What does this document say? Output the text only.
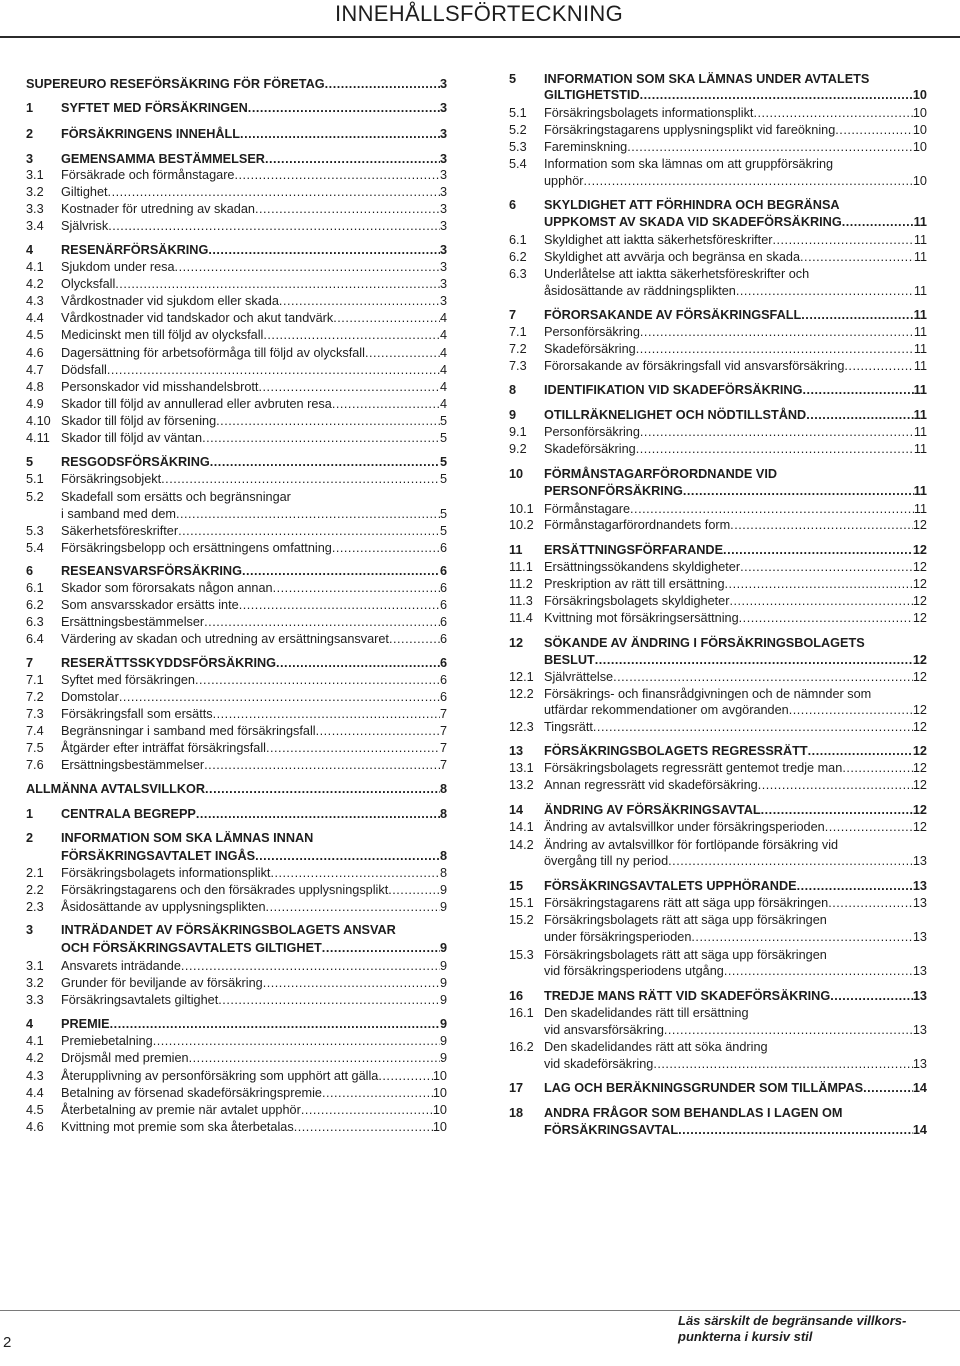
INNEHÅLLSFÖRTECKNING
SUPEREURO RESEFÖRSÄKRING FÖR FÖRETAG .....	3
1 SYFTET MED FÖRSÄKRINGEN .....	3
2 FÖRSÄKRINGENS INNEHÅLL .....	3
3 GEMENSAMMA BESTÄMMELSER .....	3
3.1 Försäkrade och förmånstagare .....	3
3.2 Giltighet .....	3
3.3 Kostnader för utredning av skadan .....	3
3.4 Självrisk .....	3
4 RESENÄRFÖRSÄKRING .....	3
4.1 Sjukdom under resa .....	3
4.2 Olycksfall .....	3
4.3 Vårdkostnader vid sjukdom eller skada .....	3
4.4 Vårdkostnader vid tandskador och akut tandvärk .....	4
4.5 Medicinskt men till följd av olycksfall .....	4
4.6 Dagersättning för arbetsoförmåga till följd av olycksfall .....	4
4.7 Dödsfall .....	4
4.8 Personskador vid misshandelsbrott .....	4
4.9 Skador till följd av annullerad eller avbruten resa .....	4
4.10 Skador till följd av försening .....	5
4.11 Skador till följd av väntan .....	5
5 RESGODSFÖRSÄKRING .....	5
5.1 Försäkringsobjekt .....	5
5.2 Skadefall som ersätts och begränsningar
i samband med dem .....	5
5.3 Säkerhetsföreskrifter .....	5
5.4 Försäkringsbelopp och ersättningens omfattning .....	6
6 RESEANSVARSFÖRSÄKRING .....	6
6.1 Skador som förorsakats någon annan .....	6
6.2 Som ansvarsskador ersätts inte .....	6
6.3 Ersättningsbestämmelser .....	6
6.4 Värdering av skadan och utredning av ersättningsansvaret .....	6
7 RESERÄTTSSKYDDSFÖRSÄKRING .....	6
7.1 Syftet med försäkringen .....	6
7.2 Domstolar .....	6
7.3 Försäkringsfall som ersätts .....	7
7.4 Begränsningar i samband med försäkringsfall .....	7
7.5 Åtgärder efter inträffat försäkringsfall .....	7
7.6 Ersättningsbestämmelser .....	7
ALLMÄNNA AVTALSVILLKOR .....	8
1 CENTRALA BEGREPP .....	8
2 INFORMATION SOM SKA LÄMNAS INNAN
FÖRSÄKRINGSAVTALET INGÅS .....	8
2.1 Försäkringsbolagets informationsplikt .....	8
2.2 Försäkringstagarens och den försäkrades upplysningsplikt .....	9
2.3 Åsidosättande av upplysningsplikten .....	9
3 INTRÄDANDET AV FÖRSÄKRINGSBOLAGETS ANSVAR
OCH FÖRSÄKRINGSAVTALETS GILTIGHET .....	9
3.1 Ansvarets inträdande .....	9
3.2 Grunder för beviljande av försäkring .....	9
3.3 Försäkringsavtalets giltighet .....	9
4 PREMIE .....	9
4.1 Premiebetalning .....	9
4.2 Dröjsmål med premien .....	9
4.3 Återupplivning av personförsäkring som upphört att gälla .....	10
4.4 Betalning av försenad skadeförsäkringspremie .....	10
4.5 Återbetalning av premie när avtalet upphör .....	10
4.6 Kvittning mot premie som ska återbetalas .....	10
5 INFORMATION SOM SKA LÄMNAS UNDER AVTALETS
GILTIGHETSTID .....	10
5.1 Försäkringsbolagets informationsplikt .....	10
5.2 Försäkringstagarens upplysningsplikt vid fareökning .....	10
5.3 Fareminskning .....	10
5.4 Information som ska lämnas om att gruppförsäkring
upphör .....	10
6 SKYLDIGHET ATT FÖRHINDRA OCH BEGRÄNSA
UPPKOMST AV SKADA VID SKADEFÖRSÄKRING .....	11
6.1 Skyldighet att iaktta säkerhetsföreskrifter .....	11
6.2 Skyldighet att avvärja och begränsa en skada .....	11
6.3 Underlåtelse att iaktta säkerhetsföreskrifter och
åsidosättande av räddningsplikten .....	11
7 FÖRORSAKANDE AV FÖRSÄKRINGSFALL .....	11
7.1 Personförsäkring .....	11
7.2 Skadeförsäkring .....	11
7.3 Förorsakande av försäkringsfall vid ansvarsförsäkring .....	11
8 IDENTIFIKATION VID SKADEFÖRSÄKRING .....	11
9 OTILLRÄKNELIGHET OCH NÖDTILLSTÅND .....	11
9.1 Personförsäkring .....	11
9.2 Skadeförsäkring .....	11
10 FÖRMÅNSTAGARFÖRORDNANDE VID
PERSONFÖRSÄKRING .....	11
10.1 Förmånstagare .....	11
10.2 Förmånstagarförordnandets form .....	12
11 ERSÄTTNINGSFÖRFARANDE .....	12
11.1 Ersättningssökandens skyldigheter .....	12
11.2 Preskription av rätt till ersättning .....	12
11.3 Försäkringsbolagets skyldigheter .....	12
11.4 Kvittning mot försäkringsersättning .....	12
12 SÖKANDE AV ÄNDRING I FÖRSÄKRINGSBOLAGETS
BESLUT .....	12
12.1 Självrättelse .....	12
12.2 Försäkrings- och finansrådgivningen och de nämnder som
utfärdar rekommendationer om avgöranden .....	12
12.3 Tingsrätt .....	12
13 FÖRSÄKRINGSBOLAGETS REGRESSRÄTT .....	12
13.1 Försäkringsbolagets regressrätt gentemot tredje man .....	12
13.2 Annan regressrätt vid skadeförsäkring .....	12
14 ÄNDRING AV FÖRSÄKRINGSAVTAL .....	12
14.1 Ändring av avtalsvillkor under försäkringsperioden .....	12
14.2 Ändring av avtalsvillkor för fortlöpande försäkring vid
övergång till ny period .....	13
15 FÖRSÄKRINGSAVTALETS UPPHÖRANDE .....	13
15.1 Försäkringstagarens rätt att säga upp försäkringen .....	13
15.2 Försäkringsbolagets rätt att säga upp försäkringen
under försäkringsperioden .....	13
15.3 Försäkringsbolagets rätt att säga upp försäkringen
vid försäkringsperiodens utgång .....	13
16 TREDJE MANS RÄTT VID SKADEFÖRSÄKRING .....	13
16.1 Den skadelidandes rätt till ersättning
vid ansvarsförsäkring .....	13
16.2 Den skadelidandes rätt att söka ändring
vid skadeförsäkring .....	13
17 LAG OCH BERÄKNINGSGRUNDER SOM TILLÄMPAS .....	14
18 ANDRA FRÅGOR SOM BEHANDLAS I LAGEN OM
FÖRSÄKRINGSAVTAL .....	14
2
Läs särskilt de begränsande villkors-
punkterna i kursiv stil
